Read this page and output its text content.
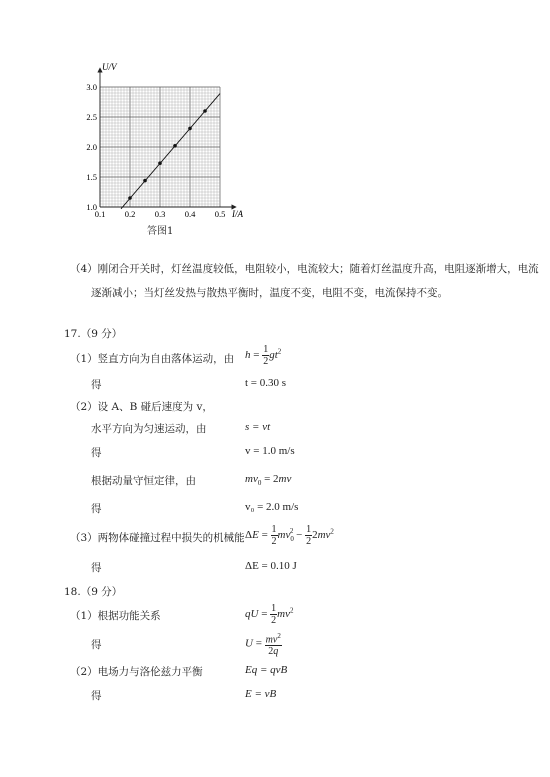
0.1 0.2 0.3 0.4 0.5
1.0
1.5
2.0
2.5
3.0
U/V
I/A
答图1
（4）刚闭合开关时，灯丝温度较低，电阻较小，电流较大；随着灯丝温度升高，电阻逐渐增大，电流
逐渐减小；当灯丝发热与散热平衡时，温度不变，电阻不变，电流保持不变。
17.（9 分）
（1）竖直方向为自由落体运动，由 $h = \frac{1}{2} gt^2$
得	t = 0.30 s
（2）设 A、B 碰后速度为 v，
水平方向为匀速运动，由	s = vt
得	v = 1.0 m/s
根据动量守恒定律，由	$mv_0 = 2mv$
得	v₀ = 2.0 m/s
（3）两物体碰撞过程中损失的机械能 $\Delta E = \frac{1}{2} mv_0^2 - \frac{1}{2} 2mv^2$
得	ΔE = 0.10 J
18.（9 分）
（1）根据功能关系	qU = $\frac{1}{2} mv^2$
得	$U = \frac{mv^2}{2q}$
（2）电场力与洛伦兹力平衡	Eq = qvB
得	E = vB
